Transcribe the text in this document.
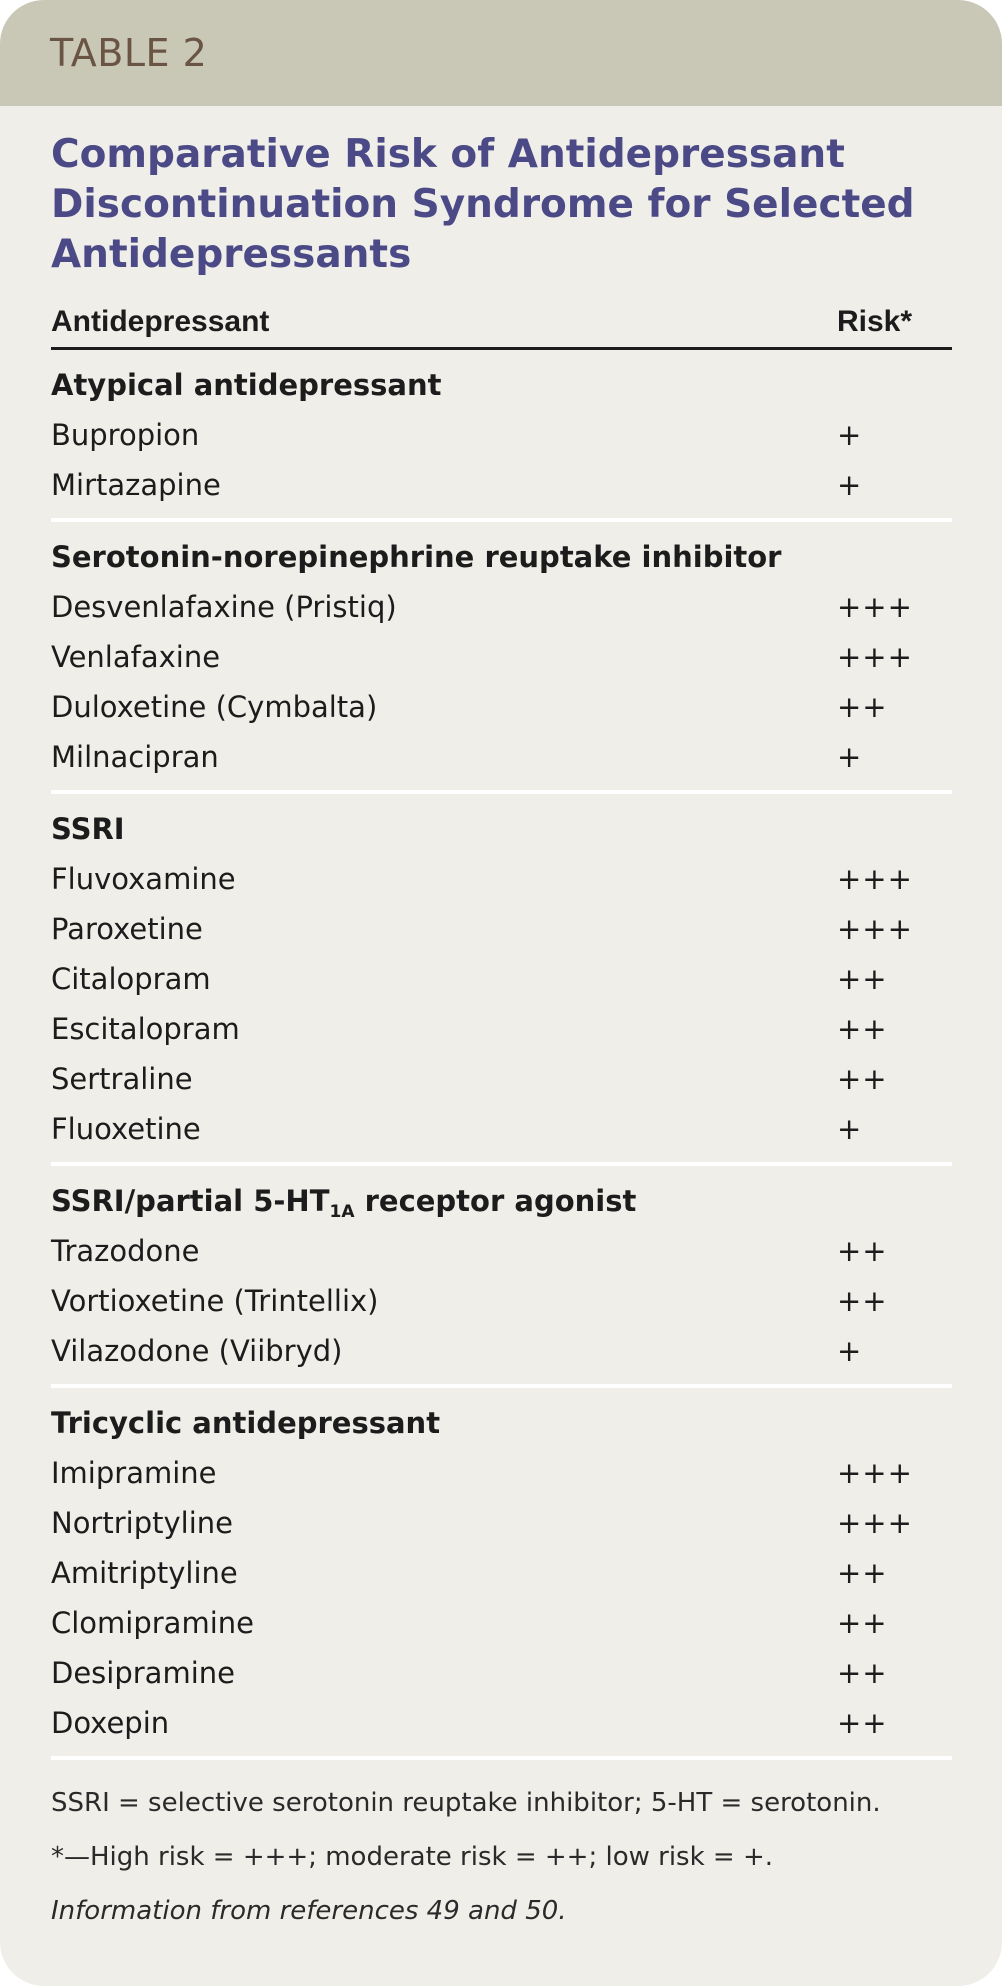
TABLE 2
Comparative Risk of Antidepressant Discontinuation Syndrome for Selected Antidepressants
Antidepressant	Risk*
Atypical antidepressant
Bupropion	+
Mirtazapine	+
Serotonin-norepinephrine reuptake inhibitor
Desvenlafaxine (Pristiq)	+++
Venlafaxine	+++
Duloxetine (Cymbalta)	++
Milnacipran	+
SSRI
Fluvoxamine	+++
Paroxetine	+++
Citalopram	++
Escitalopram	++
Sertraline	++
Fluoxetine	+
SSRI/partial $5-HT_{1A}$ receptor agonist
Trazodone	++
Vortioxetine (Trintellix)	++
Vilazodone (Viibryd)	+
Tricyclic antidepressant
Imipramine	+++
Nortriptyline	+++
Amitriptyline	++
Clomipramine	++
Desipramine	++
Doxepin	++
SSRI = selective serotonin reuptake inhibitor; 5-HT = serotonin.
*—High risk = +++; moderate risk = ++; low risk = +.
Information from references 49 and 50.
